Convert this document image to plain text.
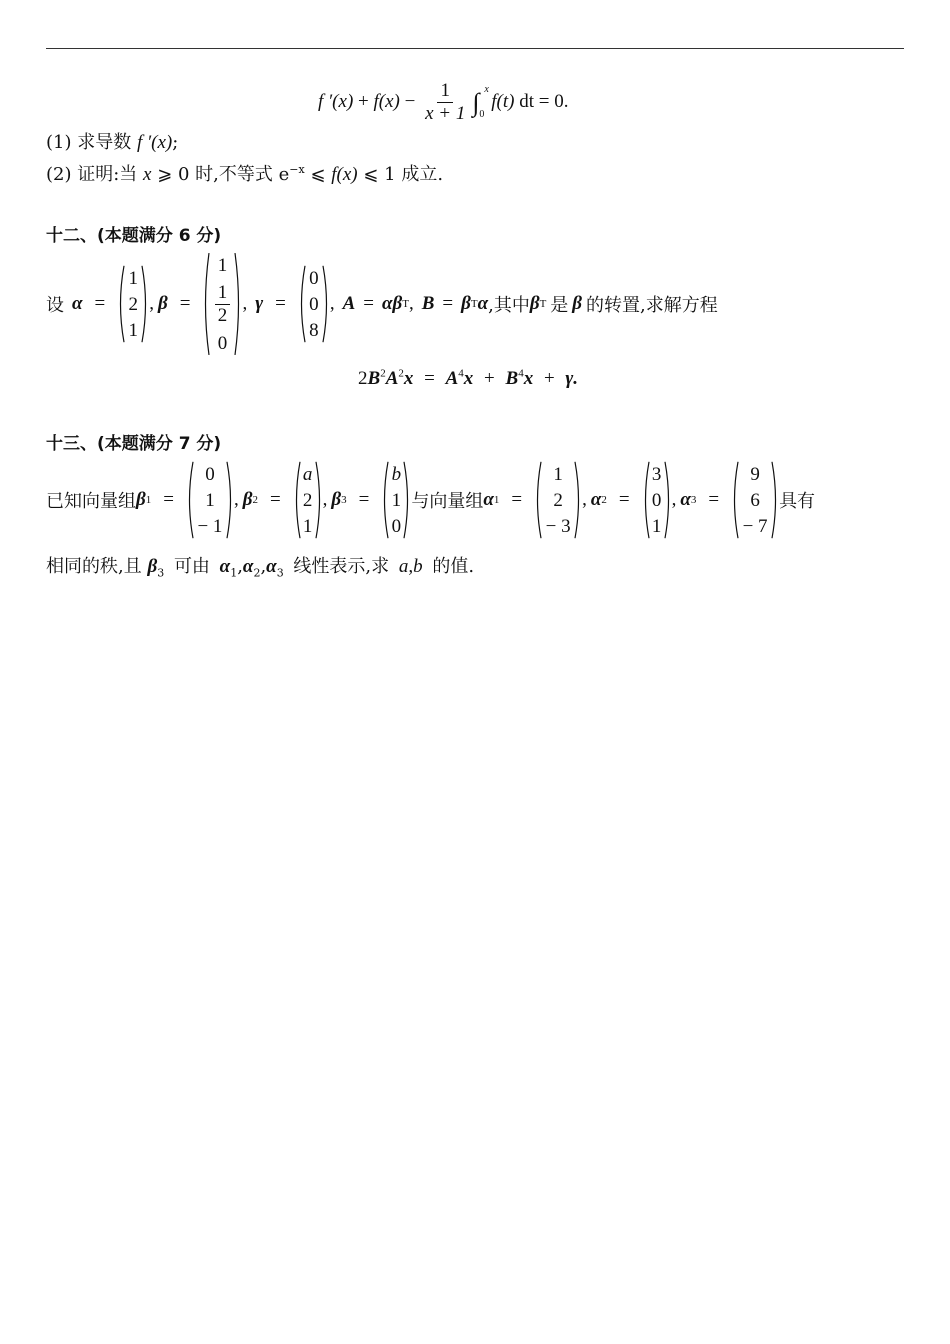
f $'(x) + f(x) - \frac{1}{x + 1}$ ∫ x
0
f(t) dt = 0.
(1) 求导数 f ′(x);
(2) 证明:当 x ⩾ 0 时,不等式 $e^{-x}$ ⩽ f(x) ⩽ 1 成立.
十二、(本题满分 6 分)
设 α =
1
2
1
, β =
1
$\frac{1}{2}$
0
, γ =
0
0
8
, A = αβ T , B = β T α ,其中 β T 是 β 的转置,求解方程
$2B^2A^2x = A^4x + B^4x + \gamma$.
十三、(本题满分 7 分)
已知向量组 β 1 =
0
1
− 1
, β 2 =
a
2
1
, β 3 =
b
1
0
与向量组 α 1 =
1
2
− 3
, α 2 =
3
0
1
, α 3 =
9
6
− 7
具有
相同的秩,且 $\beta_3$ 可由 $\alpha_1,\alpha_2,\alpha_3$ 线性表示,求 a,b 的值.
